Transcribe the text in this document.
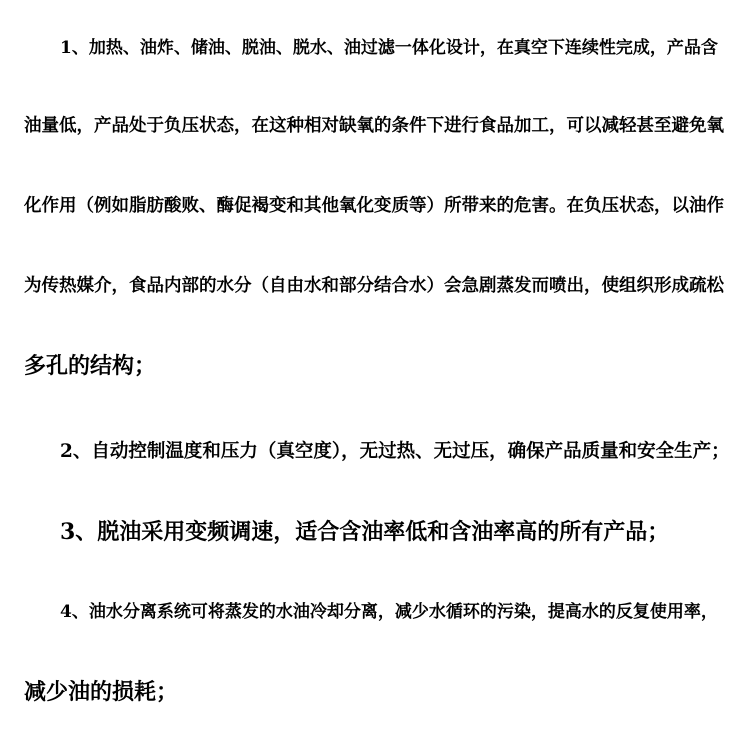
1、加热、油炸、储油、脱油、脱水、油过滤一体化设计，在真空下连续性完成，产品含
油量低，产品处于负压状态，在这种相对缺氧的条件下进行食品加工，可以减轻甚至避免氧
化作用（例如脂肪酸败、酶促褐变和其他氧化变质等）所带来的危害。在负压状态，以油作
为传热媒介，食品内部的水分（自由水和部分结合水）会急剧蒸发而喷出，使组织形成疏松
多孔的结构；
2、自动控制温度和压力（真空度），无过热、无过压，确保产品质量和安全生产；
3、脱油采用变频调速，适合含油率低和含油率高的所有产品；
4、油水分离系统可将蒸发的水油冷却分离，减少水循环的污染，提高水的反复使用率，
减少油的损耗；
